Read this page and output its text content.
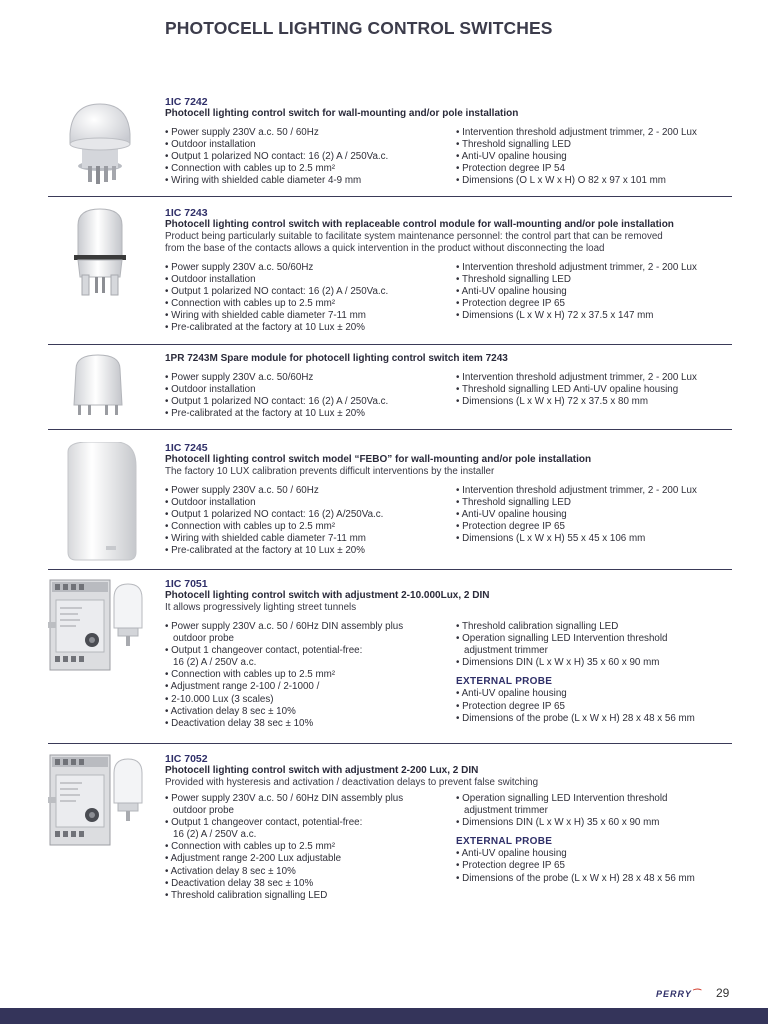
PHOTOCELL LIGHTING CONTROL SWITCHES
1IC 7242
Photocell lighting control switch for wall-mounting and/or pole installation
• Power supply 230V a.c. 50 / 60Hz
• Outdoor installation
• Output 1 polarized NO contact: 16 (2) A / 250Va.c.
• Connection with cables up to 2.5 mm²
• Wiring with shielded cable diameter 4-9 mm
• Intervention threshold adjustment trimmer, 2 - 200 Lux
• Threshold signalling LED
• Anti-UV opaline housing
• Protection degree IP 54
• Dimensions (O L x W x H) O 82 x 97 x 101 mm
1IC 7243
Photocell lighting control switch with replaceable control module for wall-mounting and/or pole installation
Product being particularly suitable to facilitate system maintenance personnel: the control part that can be removed
from the base of the contacts allows a quick intervention in the product without disconnecting the load
• Power supply 230V a.c. 50/60Hz
• Outdoor installation
• Output 1 polarized NO contact: 16 (2) A / 250Va.c.
• Connection with cables up to 2.5 mm²
• Wiring with shielded cable diameter 7-11 mm
• Pre-calibrated at the factory at 10 Lux ± 20%
• Intervention threshold adjustment trimmer, 2 - 200 Lux
• Threshold signalling LED
• Anti-UV opaline housing
• Protection degree IP 65
• Dimensions (L x W x H) 72 x 37.5 x 147 mm
1PR 7243M Spare module for photocell lighting control switch item 7243
• Power supply 230V a.c. 50/60Hz
• Outdoor installation
• Output 1 polarized NO contact: 16 (2) A / 250Va.c.
• Pre-calibrated at the factory at 10 Lux ± 20%
• Intervention threshold adjustment trimmer, 2 - 200 Lux
• Threshold signalling LED Anti-UV opaline housing
• Dimensions (L x W x H) 72 x 37.5 x 80 mm
1IC 7245
Photocell lighting control switch model “FEBO” for wall-mounting and/or pole installation
The factory 10 LUX calibration prevents difficult interventions by the installer
• Power supply 230V a.c. 50 / 60Hz
• Outdoor installation
• Output 1 polarized NO contact: 16 (2) A/250Va.c.
• Connection with cables up to 2.5 mm²
• Wiring with shielded cable diameter 7-11 mm
• Pre-calibrated at the factory at 10 Lux ± 20%
• Intervention threshold adjustment trimmer, 2 - 200 Lux
• Threshold signalling LED
• Anti-UV opaline housing
• Protection degree IP 65
• Dimensions (L x W x H) 55 x 45 x 106 mm
1IC 7051
Photocell lighting control switch with adjustment 2-10.000Lux, 2 DIN
It allows progressively lighting street tunnels
• Power supply 230V a.c. 50 / 60Hz DIN assembly plus
outdoor probe
• Output 1 changeover contact, potential-free:
16 (2) A / 250V a.c.
• Connection with cables up to 2.5 mm²
• Adjustment range 2-100 / 2-1000 /
• 2-10.000 Lux (3 scales)
• Activation delay 8 sec ± 10%
• Deactivation delay 38 sec ± 10%
• Threshold calibration signalling LED
• Operation signalling LED Intervention threshold
adjustment trimmer
• Dimensions DIN (L x W x H) 35 x 60 x 90 mm
EXTERNAL PROBE
• Anti-UV opaline housing
• Protection degree IP 65
• Dimensions of the probe (L x W x H) 28 x 48 x 56 mm
1IC 7052
Photocell lighting control switch with adjustment 2-200 Lux, 2 DIN
Provided with hysteresis and activation / deactivation delays to prevent false switching
• Power supply 230V a.c. 50 / 60Hz DIN assembly plus
outdoor probe
• Output 1 changeover contact, potential-free:
16 (2) A / 250V a.c.
• Connection with cables up to 2.5 mm²
• Adjustment range 2-200 Lux adjustable
• Activation delay 8 sec ± 10%
• Deactivation delay 38 sec ± 10%
• Threshold calibration signalling LED
• Operation signalling LED Intervention threshold
adjustment trimmer
• Dimensions DIN (L x W x H) 35 x 60 x 90 mm
EXTERNAL PROBE
• Anti-UV opaline housing
• Protection degree IP 65
• Dimensions of the probe (L x W x H) 28 x 48 x 56 mm
PERRY⁀ 29
